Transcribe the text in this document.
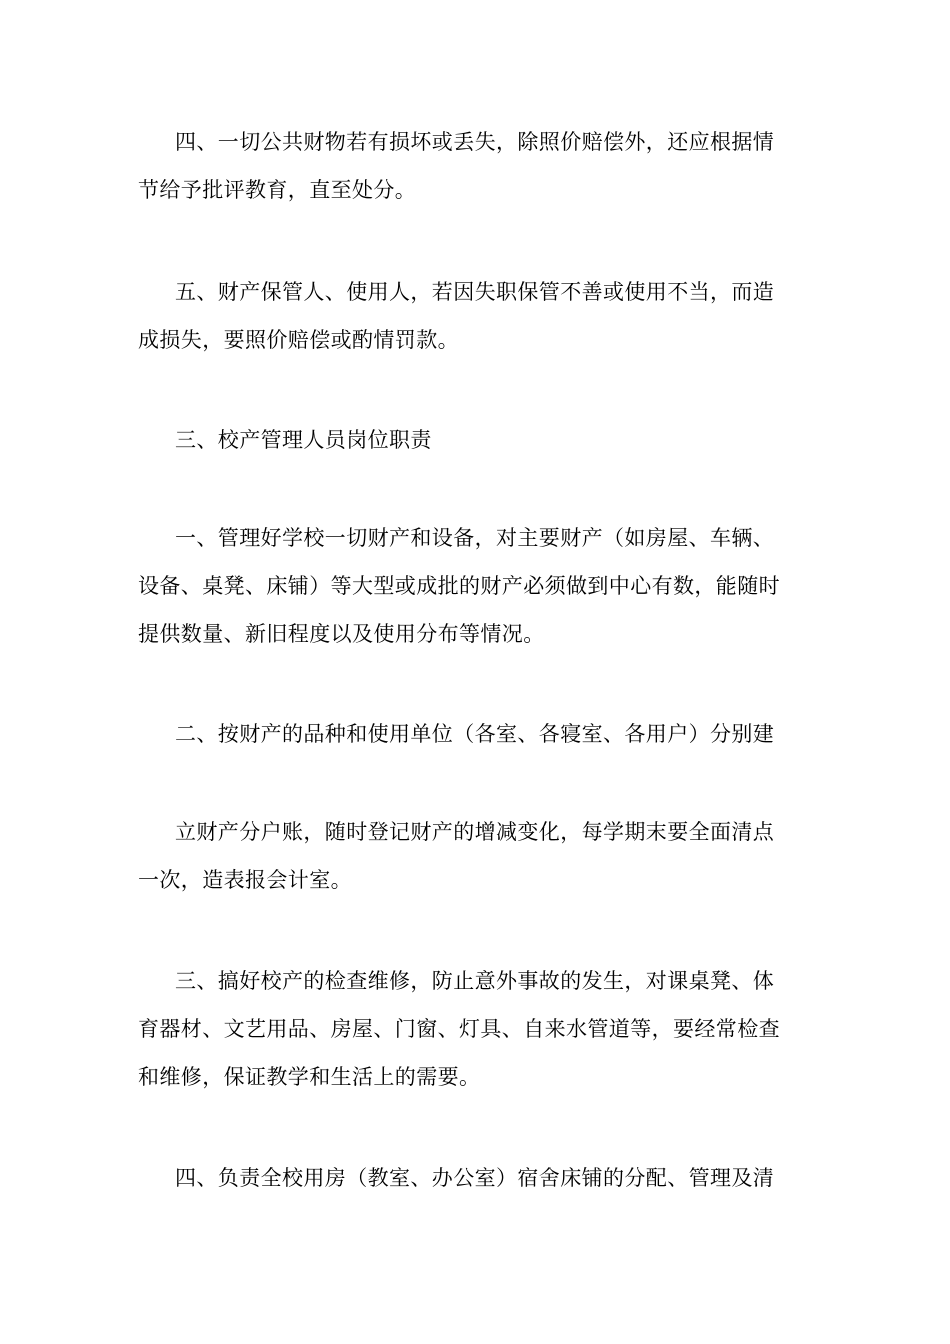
四、一切公共财物若有损坏或丢失，除照价赔偿外，还应根据情
节给予批评教育，直至处分。

五、财产保管人、使用人，若因失职保管不善或使用不当，而造
成损失，要照价赔偿或酌情罚款。

三、校产管理人员岗位职责

一、管理好学校一切财产和设备，对主要财产（如房屋、车辆、
设备、桌凳、床铺）等大型或成批的财产必须做到中心有数，能随时
提供数量、新旧程度以及使用分布等情况。

二、按财产的品种和使用单位（各室、各寝室、各用户）分别建

立财产分户账，随时登记财产的增减变化，每学期末要全面清点
一次，造表报会计室。

三、搞好校产的检查维修，防止意外事故的发生，对课桌凳、体
育器材、文艺用品、房屋、门窗、灯具、自来水管道等，要经常检查
和维修，保证教学和生活上的需要。

四、负责全校用房（教室、办公室）宿舍床铺的分配、管理及清
